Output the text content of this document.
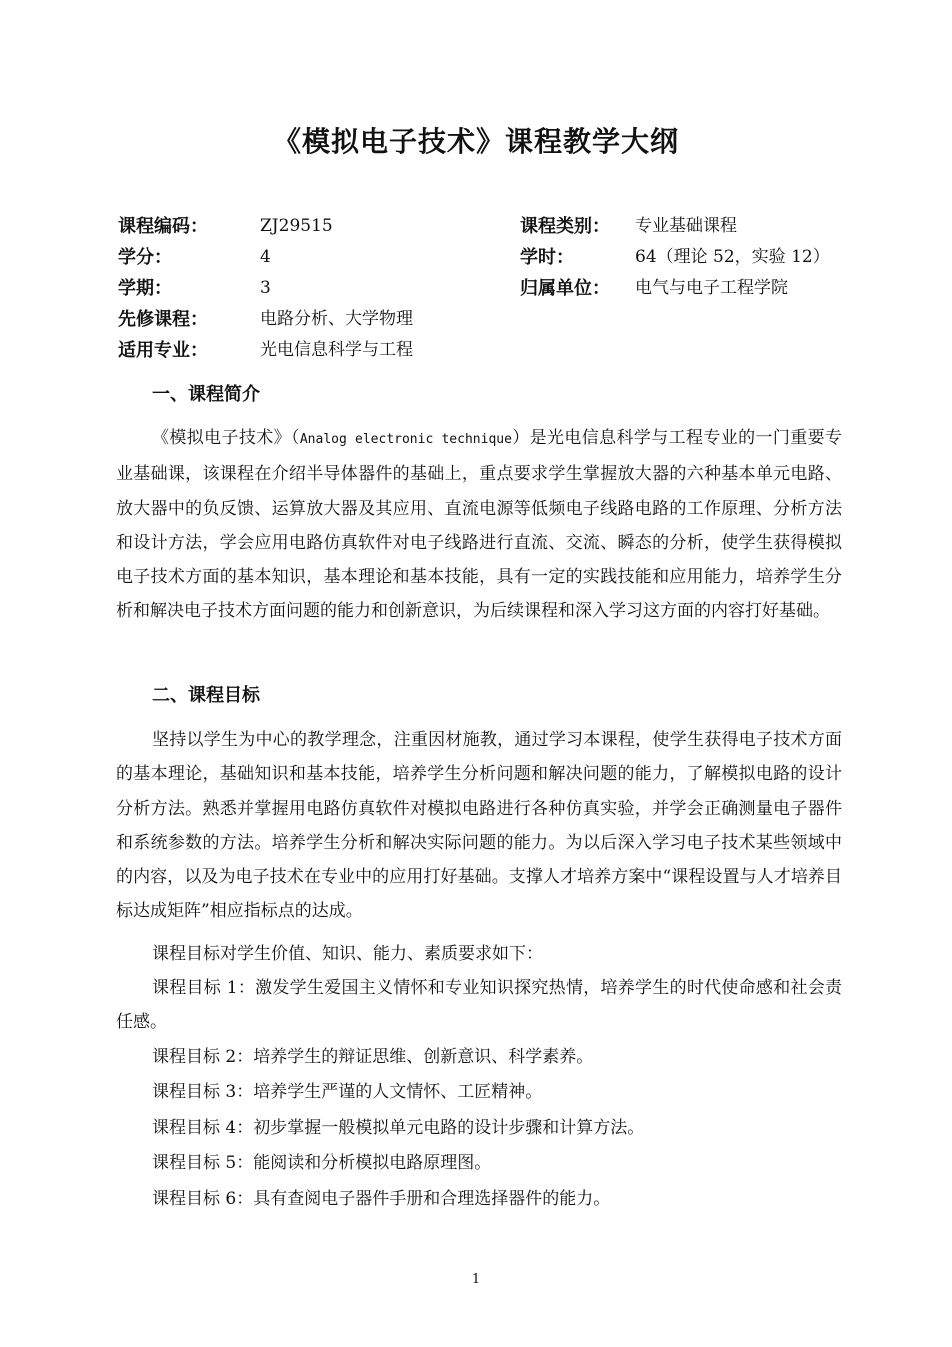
《模拟电子技术》课程教学大纲
课程编码：	ZJ29515	课程类别： 专业基础课程
学分：	4	学时：	64（理论 52，实验 12）
学期：	3	归属单位： 电气与电子工程学院
先修课程：	电路分析、大学物理
适用专业：	光电信息科学与工程
一、课程简介

《模拟电子技术》（Analog electronic technique）是光电信息科学与工程专业的一门重要专业基础课，该课程在介绍半导体器件的基础上，重点要求学生掌握放大器的六种基本单元电路、放大器中的负反馈、运算放大器及其应用、直流电源等低频电子线路电路的工作原理、分析方法和设计方法，学会应用电路仿真软件对电子线路进行直流、交流、瞬态的分析，使学生获得模拟电子技术方面的基本知识，基本理论和基本技能，具有一定的实践技能和应用能力，培养学生分析和解决电子技术方面问题的能力和创新意识，为后续课程和深入学习这方面的内容打好基础。

二、课程目标

坚持以学生为中心的教学理念，注重因材施教，通过学习本课程，使学生获得电子技术方面的基本理论，基础知识和基本技能，培养学生分析问题和解决问题的能力，了解模拟电路的设计分析方法。熟悉并掌握用电路仿真软件对模拟电路进行各种仿真实验，并学会正确测量电子器件和系统参数的方法。培养学生分析和解决实际问题的能力。为以后深入学习电子技术某些领域中的内容，以及为电子技术在专业中的应用打好基础。支撑人才培养方案中“课程设置与人才培养目标达成矩阵”相应指标点的达成。

课程目标对学生价值、知识、能力、素质要求如下：

课程目标 1：激发学生爱国主义情怀和专业知识探究热情，培养学生的时代使命感和社会责任感。

课程目标 2：培养学生的辩证思维、创新意识、科学素养。

课程目标 3：培养学生严谨的人文情怀、工匠精神。

课程目标 4：初步掌握一般模拟单元电路的设计步骤和计算方法。

课程目标 5：能阅读和分析模拟电路原理图。

课程目标 6：具有查阅电子器件手册和合理选择器件的能力。

1
